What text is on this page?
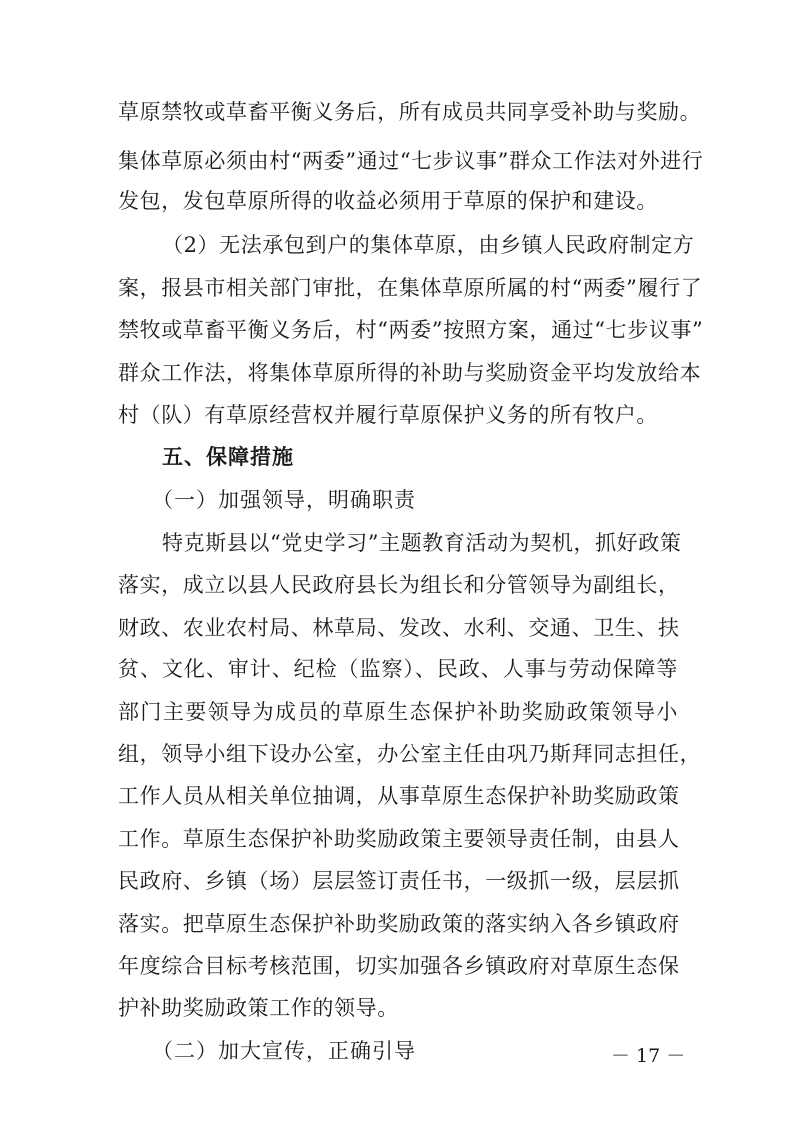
草原禁牧或草畜平衡义务后，所有成员共同享受补助与奖励。
集体草原必须由村“两委”通过“七步议事”群众工作法对外进行
发包，发包草原所得的收益必须用于草原的保护和建设。
（2）无法承包到户的集体草原，由乡镇人民政府制定方
案，报县市相关部门审批，在集体草原所属的村“两委”履行了
禁牧或草畜平衡义务后，村“两委”按照方案，通过“七步议事”
群众工作法，将集体草原所得的补助与奖励资金平均发放给本
村（队）有草原经营权并履行草原保护义务的所有牧户。
五、保障措施
（一）加强领导，明确职责
特克斯县以“党史学习”主题教育活动为契机，抓好政策
落实，成立以县人民政府县长为组长和分管领导为副组长，
财政、农业农村局、林草局、发改、水利、交通、卫生、扶
贫、文化、审计、纪检（监察）、民政、人事与劳动保障等
部门主要领导为成员的草原生态保护补助奖励政策领导小
组，领导小组下设办公室，办公室主任由巩乃斯拜同志担任，
工作人员从相关单位抽调，从事草原生态保护补助奖励政策
工作。草原生态保护补助奖励政策主要领导责任制，由县人
民政府、乡镇（场）层层签订责任书，一级抓一级，层层抓
落实。把草原生态保护补助奖励政策的落实纳入各乡镇政府
年度综合目标考核范围，切实加强各乡镇政府对草原生态保
护补助奖励政策工作的领导。
（二）加大宣传，正确引导	－ 17 －
